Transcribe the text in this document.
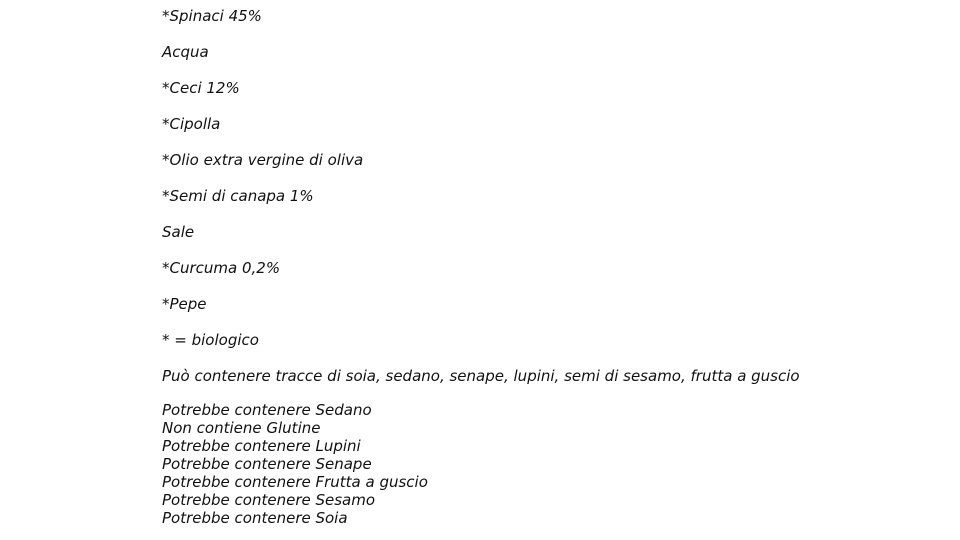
*Spinaci 45%
Acqua
*Ceci 12%
*Cipolla
*Olio extra vergine di oliva
*Semi di canapa 1%
Sale
*Curcuma 0,2%
*Pepe

* = biologico

Può contenere tracce di soia, sedano, senape, lupini, semi di sesamo, frutta a guscio

Potrebbe contenere Sedano
Non contiene Glutine
Potrebbe contenere Lupini
Potrebbe contenere Senape
Potrebbe contenere Frutta a guscio
Potrebbe contenere Sesamo
Potrebbe contenere Soia
